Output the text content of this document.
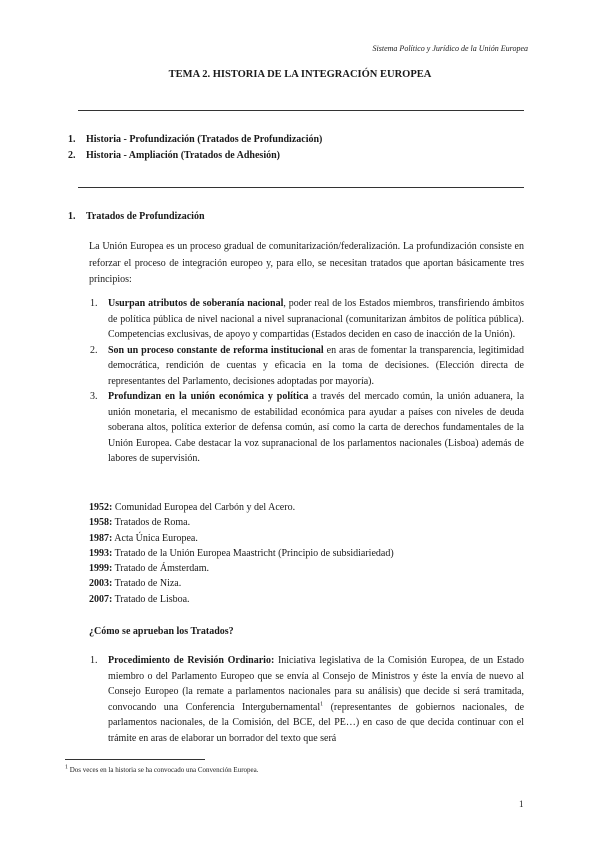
Sistema Político y Jurídico de la Unión Europea
TEMA 2. HISTORIA DE LA INTEGRACIÓN EUROPEA
1. Historia - Profundización (Tratados de Profundización)
2. Historia - Ampliación (Tratados de Adhesión)
1. Tratados de Profundización
La Unión Europea es un proceso gradual de comunitarización/federalización. La profundización consiste en reforzar el proceso de integración europeo y, para ello, se necesitan tratados que aportan básicamente tres principios:
1. Usurpan atributos de soberanía nacional, poder real de los Estados miembros, transfiriendo ámbitos de política pública de nivel nacional a nivel supranacional (comunitarizan ámbitos de política pública). Competencias exclusivas, de apoyo y compartidas (Estados deciden en caso de inacción de la Unión).
2. Son un proceso constante de reforma institucional en aras de fomentar la transparencia, legitimidad democrática, rendición de cuentas y eficacia en la toma de decisiones. (Elección directa de representantes del Parlamento, decisiones adoptadas por mayoría).
3. Profundizan en la unión económica y política a través del mercado común, la unión aduanera, la unión monetaria, el mecanismo de estabilidad económica para ayudar a países con niveles de deuda soberana altos, política exterior de defensa común, así como la carta de derechos fundamentales de la Unión Europea. Cabe destacar la voz supranacional de los parlamentos nacionales (Lisboa) además de labores de supervisión.
1952: Comunidad Europea del Carbón y del Acero.
1958: Tratados de Roma.
1987: Acta Única Europea.
1993: Tratado de la Unión Europea Maastricht (Principio de subsidiariedad)
1999: Tratado de Ámsterdam.
2003: Tratado de Niza.
2007: Tratado de Lisboa.
¿Cómo se aprueban los Tratados?
1. Procedimiento de Revisión Ordinario: Iniciativa legislativa de la Comisión Europea, de un Estado miembro o del Parlamento Europeo que se envía al Consejo de Ministros y éste la envía de nuevo al Consejo Europeo (la remate a parlamentos nacionales para su análisis) que decide si será tramitada, convocando una Conferencia Intergubernamental$^1$ (representantes de gobiernos nacionales, de parlamentos nacionales, de la Comisión, del BCE, del PE…) en caso de que decida continuar con el trámite en aras de elaborar un borrador del texto que será
$^1$ Dos veces en la historia se ha convocado una Convención Europea.
1
